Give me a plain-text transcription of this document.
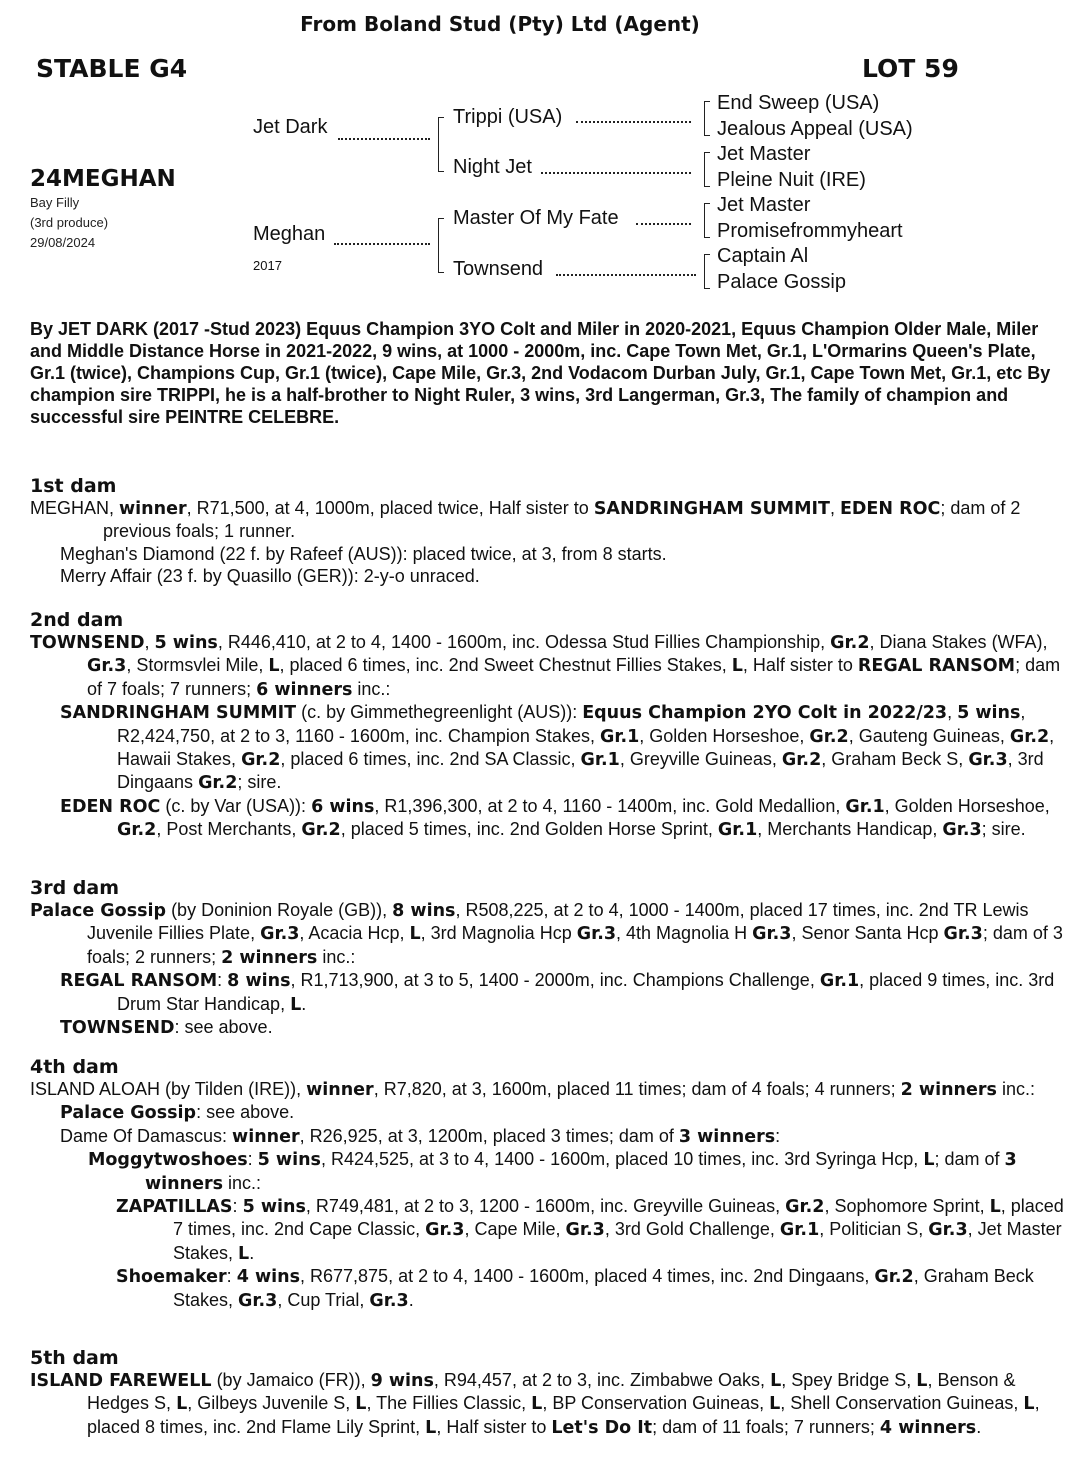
From Boland Stud (Pty) Ltd (Agent)
STABLE G4	LOT 59
24MEGHAN
Bay Filly
(3rd produce)
29/08/2024
Jet Dark
Meghan
2017
Trippi (USA)
Night Jet
Master Of My Fate
Townsend
End Sweep (USA)
Jealous Appeal (USA)
Jet Master
Pleine Nuit (IRE)
Jet Master
Promisefrommyheart
Captain Al
Palace Gossip
By JET DARK (2017 -Stud 2023) Equus Champion 3YO Colt and Miler in 2020-2021, Equus Champion Older Male, Miler and Middle Distance Horse in 2021-2022, 9 wins, at 1000 - 2000m, inc. Cape Town Met, Gr.1, L'Ormarins Queen's Plate, Gr.1 (twice), Champions Cup, Gr.1 (twice), Cape Mile, Gr.3, 2nd Vodacom Durban July, Gr.1, Cape Town Met, Gr.1, etc By champion sire TRIPPI, he is a half-brother to Night Ruler, 3 wins, 3rd Langerman, Gr.3, The family of champion and successful sire PEINTRE CELEBRE.
1st dam

MEGHAN, winner, R71,500, at 4, 1000m, placed twice, Half sister to SANDRINGHAM SUMMIT, EDEN ROC; dam of 2 previous foals; 1 runner.

Meghan's Diamond (22 f. by Rafeef (AUS)): placed twice, at 3, from 8 starts.

Merry Affair (23 f. by Quasillo (GER)): 2-y-o unraced.

2nd dam

TOWNSEND, 5 wins, R446,410, at 2 to 4, 1400 - 1600m, inc. Odessa Stud Fillies Championship, Gr.2, Diana Stakes (WFA), Gr.3, Stormsvlei Mile, L, placed 6 times, inc. 2nd Sweet Chestnut Fillies Stakes, L, Half sister to REGAL RANSOM; dam of 7 foals; 7 runners; 6 winners inc.:

SANDRINGHAM SUMMIT (c. by Gimmethegreenlight (AUS)): Equus Champion 2YO Colt in 2022/23, 5 wins, R2,424,750, at 2 to 3, 1160 - 1600m, inc. Champion Stakes, Gr.1, Golden Horseshoe, Gr.2, Gauteng Guineas, Gr.2, Hawaii Stakes, Gr.2, placed 6 times, inc. 2nd SA Classic, Gr.1, Greyville Guineas, Gr.2, Graham Beck S, Gr.3, 3rd Dingaans Gr.2; sire.

EDEN ROC (c. by Var (USA)): 6 wins, R1,396,300, at 2 to 4, 1160 - 1400m, inc. Gold Medallion, Gr.1, Golden Horseshoe, Gr.2, Post Merchants, Gr.2, placed 5 times, inc. 2nd Golden Horse Sprint, Gr.1, Merchants Handicap, Gr.3; sire.

3rd dam

Palace Gossip (by Doninion Royale (GB)), 8 wins, R508,225, at 2 to 4, 1000 - 1400m, placed 17 times, inc. 2nd TR Lewis Juvenile Fillies Plate, Gr.3, Acacia Hcp, L, 3rd Magnolia Hcp Gr.3, 4th Magnolia H Gr.3, Senor Santa Hcp Gr.3; dam of 3 foals; 2 runners; 2 winners inc.:

REGAL RANSOM: 8 wins, R1,713,900, at 3 to 5, 1400 - 2000m, inc. Champions Challenge, Gr.1, placed 9 times, inc. 3rd Drum Star Handicap, L.

TOWNSEND: see above.

4th dam

ISLAND ALOAH (by Tilden (IRE)), winner, R7,820, at 3, 1600m, placed 11 times; dam of 4 foals; 4 runners; 2 winners inc.:

Palace Gossip: see above.

Dame Of Damascus: winner, R26,925, at 3, 1200m, placed 3 times; dam of 3 winners:

Moggytwoshoes: 5 wins, R424,525, at 3 to 4, 1400 - 1600m, placed 10 times, inc. 3rd Syringa Hcp, L; dam of 3 winners inc.:

ZAPATILLAS: 5 wins, R749,481, at 2 to 3, 1200 - 1600m, inc. Greyville Guineas, Gr.2, Sophomore Sprint, L, placed 7 times, inc. 2nd Cape Classic, Gr.3, Cape Mile, Gr.3, 3rd Gold Challenge, Gr.1, Politician S, Gr.3, Jet Master Stakes, L.

Shoemaker: 4 wins, R677,875, at 2 to 4, 1400 - 1600m, placed 4 times, inc. 2nd Dingaans, Gr.2, Graham Beck Stakes, Gr.3, Cup Trial, Gr.3.

5th dam

ISLAND FAREWELL (by Jamaico (FR)), 9 wins, R94,457, at 2 to 3, inc. Zimbabwe Oaks, L, Spey Bridge S, L, Benson & Hedges S, L, Gilbeys Juvenile S, L, The Fillies Classic, L, BP Conservation Guineas, L, Shell Conservation Guineas, L, placed 8 times, inc. 2nd Flame Lily Sprint, L, Half sister to Let's Do It; dam of 11 foals; 7 runners; 4 winners.
